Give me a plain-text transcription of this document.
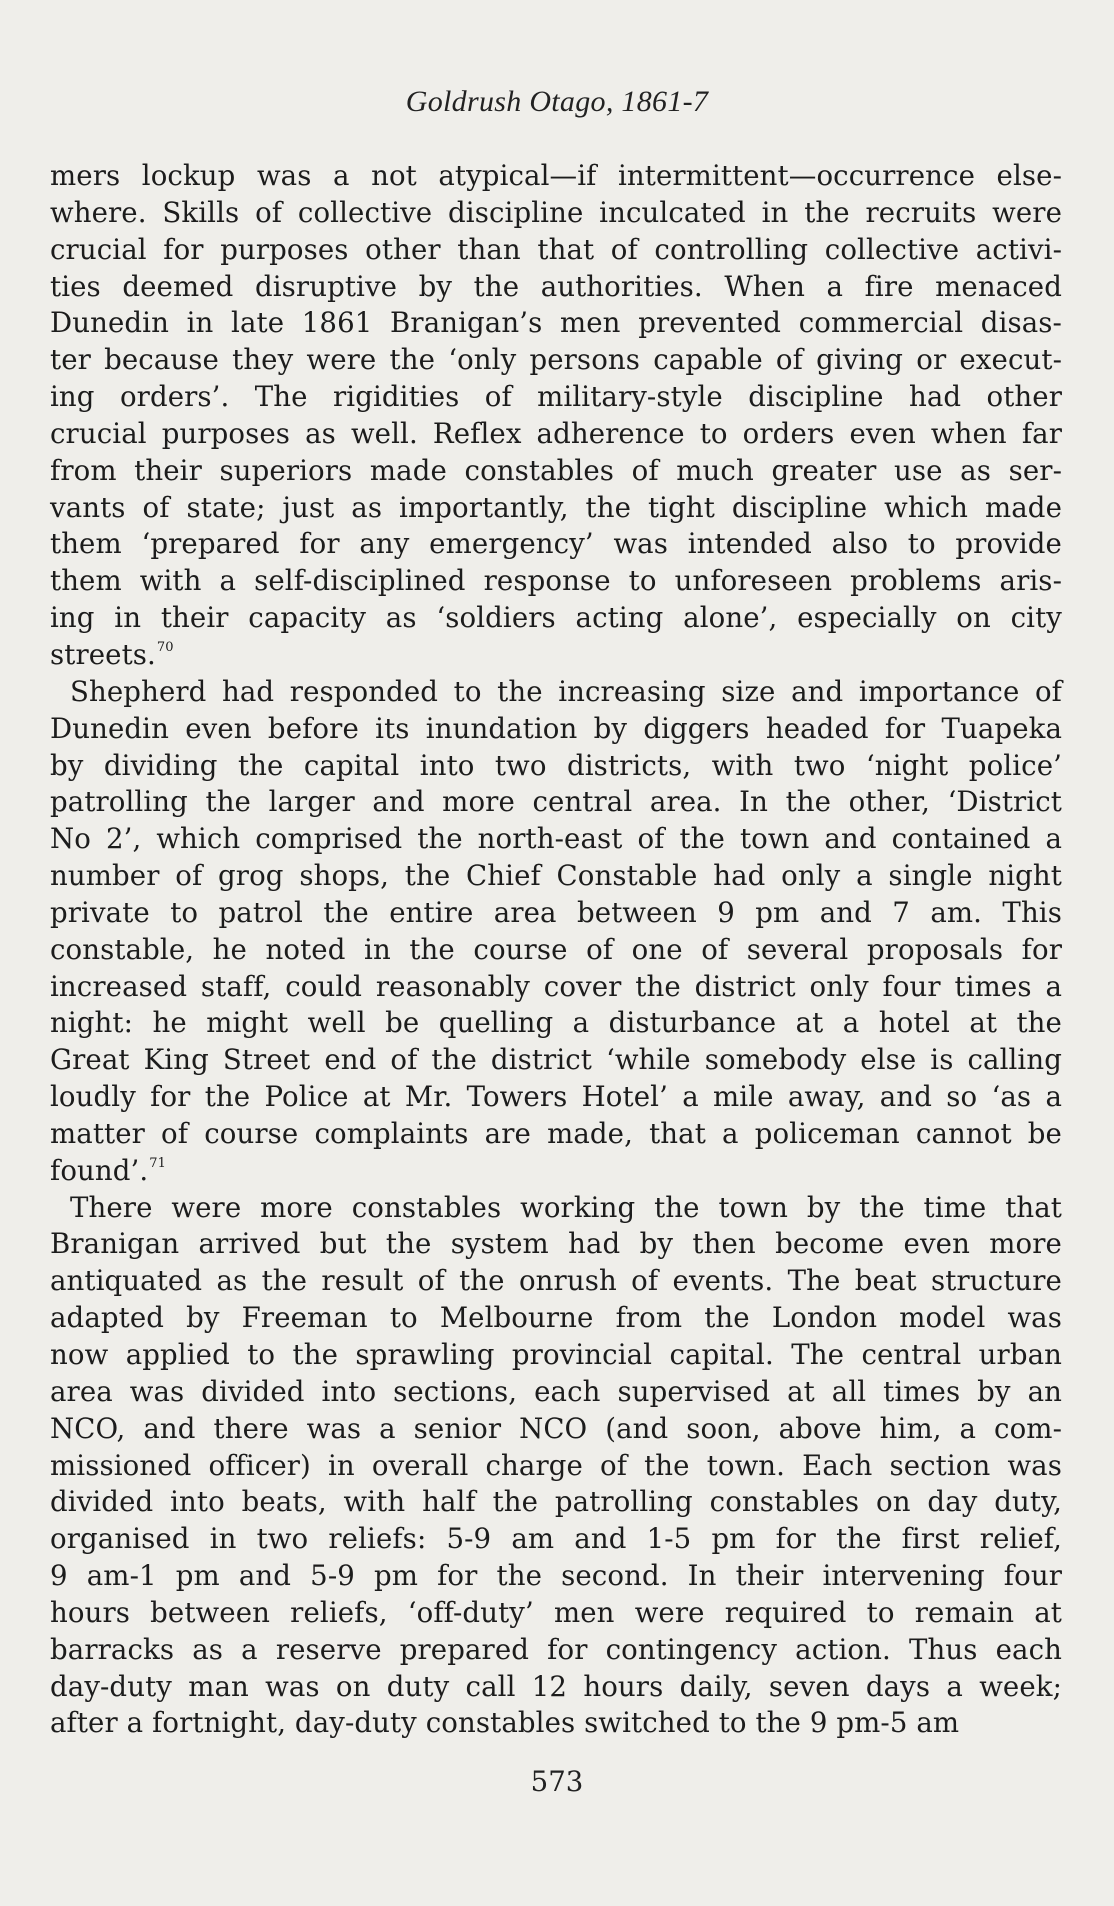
Goldrush Otago, 1861-7
mers lockup was a not atypical—if intermittent—occurrence else-
where. Skills of collective discipline inculcated in the recruits were
crucial for purposes other than that of controlling collective activi-
ties deemed disruptive by the authorities. When a fire menaced
Dunedin in late 1861 Branigan’s men prevented commercial disas-
ter because they were the ‘only persons capable of giving or execut-
ing orders’. The rigidities of military-style discipline had other
crucial purposes as well. Reflex adherence to orders even when far
from their superiors made constables of much greater use as ser-
vants of state; just as importantly, the tight discipline which made
them ‘prepared for any emergency’ was intended also to provide
them with a self-disciplined response to unforeseen problems aris-
ing in their capacity as ‘soldiers acting alone’, especially on city
streets.$^{70}$
Shepherd had responded to the increasing size and importance of
Dunedin even before its inundation by diggers headed for Tuapeka
by dividing the capital into two districts, with two ‘night police’
patrolling the larger and more central area. In the other, ‘District
No 2’, which comprised the north-east of the town and contained a
number of grog shops, the Chief Constable had only a single night
private to patrol the entire area between 9 pm and 7 am. This
constable, he noted in the course of one of several proposals for
increased staff, could reasonably cover the district only four times a
night: he might well be quelling a disturbance at a hotel at the
Great King Street end of the district ‘while somebody else is calling
loudly for the Police at Mr. Towers Hotel’ a mile away, and so ‘as a
matter of course complaints are made, that a policeman cannot be
found’.$^{71}$
There were more constables working the town by the time that
Branigan arrived but the system had by then become even more
antiquated as the result of the onrush of events. The beat structure
adapted by Freeman to Melbourne from the London model was
now applied to the sprawling provincial capital. The central urban
area was divided into sections, each supervised at all times by an
NCO, and there was a senior NCO (and soon, above him, a com-
missioned officer) in overall charge of the town. Each section was
divided into beats, with half the patrolling constables on day duty,
organised in two reliefs: 5-9 am and 1-5 pm for the first relief,
9 am-1 pm and 5-9 pm for the second. In their intervening four
hours between reliefs, ‘off-duty’ men were required to remain at
barracks as a reserve prepared for contingency action. Thus each
day-duty man was on duty call 12 hours daily, seven days a week;
after a fortnight, day-duty constables switched to the 9 pm-5 am
573
